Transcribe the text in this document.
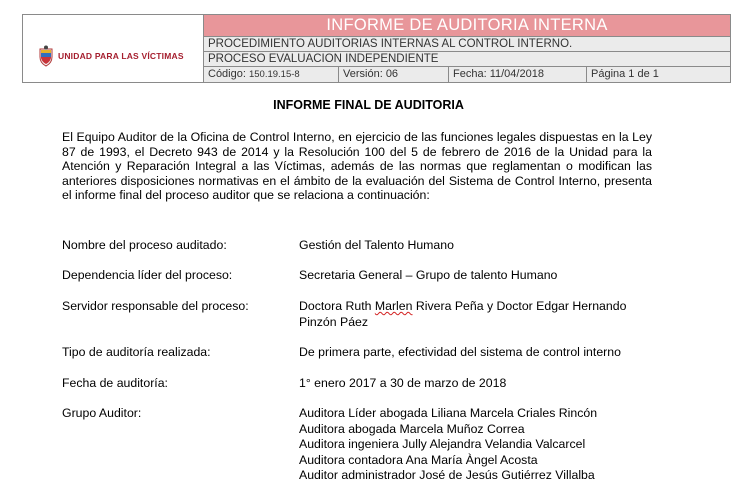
UNIDAD PARA LAS VÍCTIMAS
	INFORME DE AUDITORIA INTERNA
PROCEDIMIENTO AUDITORIAS INTERNAS AL CONTROL INTERNO.
PROCESO EVALUACION INDEPENDIENTE

Código: 150.19.15-8	Versión: 06	Fecha: 11/04/2018	Página 1 de 1
INFORME FINAL DE AUDITORIA
El Equipo Auditor de la Oficina de Control Interno, en ejercicio de las funciones legales dispuestas en la Ley 87 de 1993, el Decreto 943 de 2014 y la Resolución 100 del 5 de febrero de 2016 de la Unidad para la Atención y Reparación Integral a las Víctimas, además de las normas que reglamentan o modifican las anteriores disposiciones normativas en el ámbito de la evaluación del Sistema de Control Interno, presenta el informe final del proceso auditor que se relaciona a continuación:
Nombre del proceso auditado:	Gestión del Talento Humano
Dependencia líder del proceso:	Secretaria General – Grupo de talento Humano
Servidor responsable del proceso:	Doctora Ruth Marlen Rivera Peña y Doctor Edgar Hernando Pinzón Páez
Tipo de auditoría realizada:	De primera parte, efectividad del sistema de control interno
Fecha de auditoría:	1° enero 2017 a 30 de marzo de 2018
Grupo Auditor:	Auditora Líder abogada Liliana Marcela Criales Rincón
Auditora abogada Marcela Muñoz Correa
Auditora ingeniera Jully Alejandra Velandia Valcarcel
Auditora contadora Ana María Àngel Acosta
Auditor administrador José de Jesús Gutiérrez Villalba
